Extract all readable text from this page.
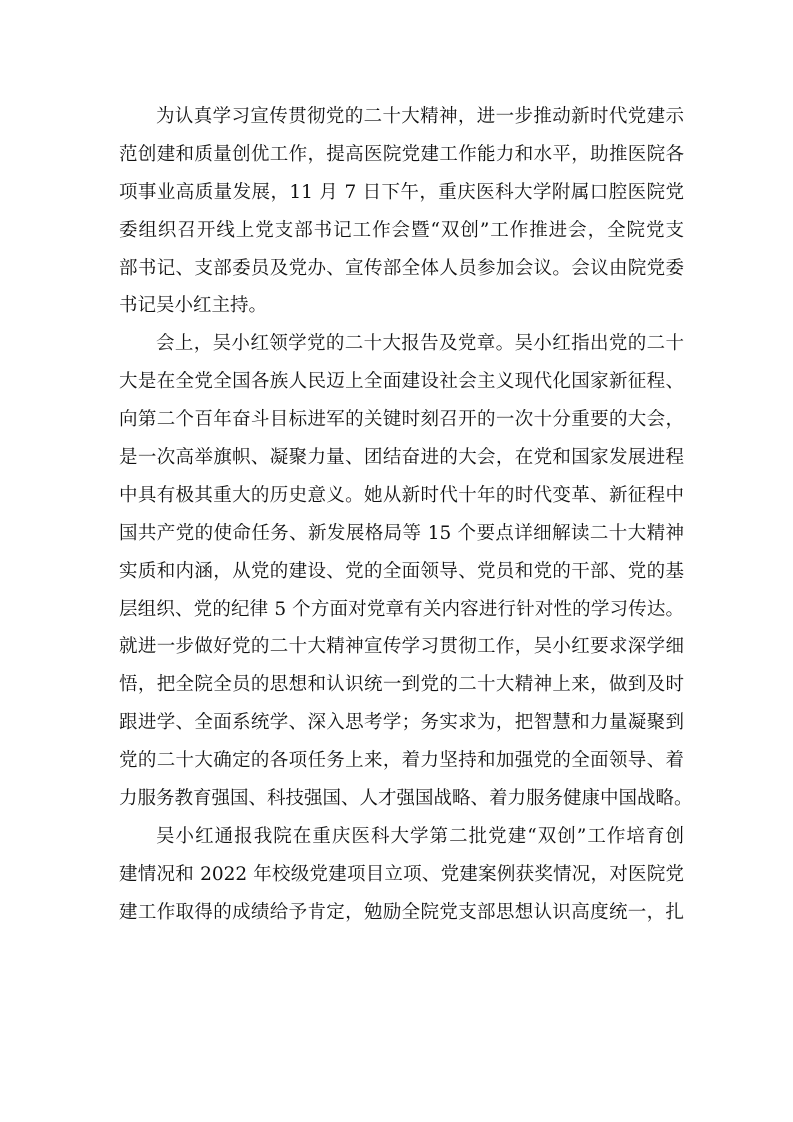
为认真学习宣传贯彻党的二十大精神，进一步推动新时代党建示
范创建和质量创优工作，提高医院党建工作能力和水平，助推医院各
项事业高质量发展，11 月 7 日下午，重庆医科大学附属口腔医院党
委组织召开线上党支部书记工作会暨“双创”工作推进会，全院党支
部书记、支部委员及党办、宣传部全体人员参加会议。会议由院党委
书记吴小红主持。

会上，吴小红领学党的二十大报告及党章。吴小红指出党的二十
大是在全党全国各族人民迈上全面建设社会主义现代化国家新征程、
向第二个百年奋斗目标进军的关键时刻召开的一次十分重要的大会，
是一次高举旗帜、凝聚力量、团结奋进的大会，在党和国家发展进程
中具有极其重大的历史意义。她从新时代十年的时代变革、新征程中
国共产党的使命任务、新发展格局等 15 个要点详细解读二十大精神
实质和内涵，从党的建设、党的全面领导、党员和党的干部、党的基
层组织、党的纪律 5 个方面对党章有关内容进行针对性的学习传达。
就进一步做好党的二十大精神宣传学习贯彻工作，吴小红要求深学细
悟，把全院全员的思想和认识统一到党的二十大精神上来，做到及时
跟进学、全面系统学、深入思考学；务实求为，把智慧和力量凝聚到
党的二十大确定的各项任务上来，着力坚持和加强党的全面领导、着
力服务教育强国、科技强国、人才强国战略、着力服务健康中国战略。

吴小红通报我院在重庆医科大学第二批党建“双创”工作培育创
建情况和 2022 年校级党建项目立项、党建案例获奖情况，对医院党
建工作取得的成绩给予肯定，勉励全院党支部思想认识高度统一，扎
